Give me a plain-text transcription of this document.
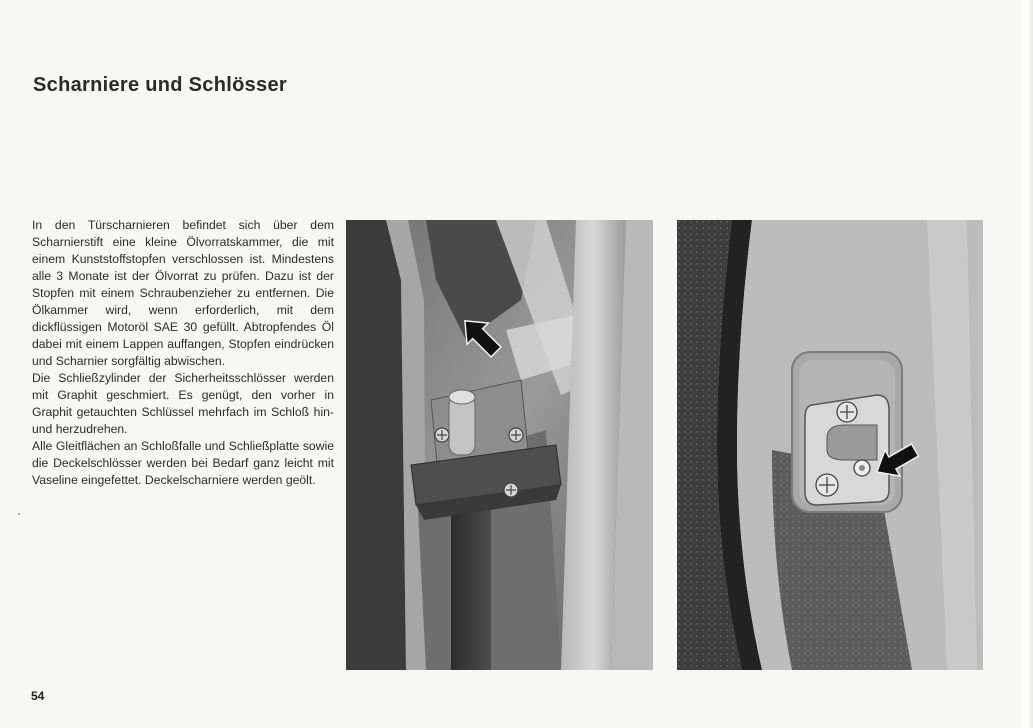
Scharniere und Schlösser

In den Türscharnieren befindet sich über dem Scharnierstift eine kleine Ölvorratskammer, die mit einem Kunststoffstopfen verschlossen ist. Mindestens alle 3 Monate ist der Ölvorrat zu prüfen. Dazu ist der Stopfen mit einem Schraubenzieher zu entfernen. Die Ölkammer wird, wenn erforderlich, mit dem dickflüssigen Motoröl SAE 30 gefüllt. Abtropfendes Öl dabei mit einem Lappen auffangen, Stopfen eindrücken und Scharnier sorgfältig abwischen.

Die Schließzylinder der Sicherheitsschlösser werden mit Graphit geschmiert. Es genügt, den vorher in Graphit getauchten Schlüssel mehrfach im Schloß hin- und herzudrehen.

Alle Gleitflächen an Schloßfalle und Schließplatte sowie die Deckelschlösser werden bei Bedarf ganz leicht mit Vaseline eingefettet. Deckelscharniere werden geölt.

54
